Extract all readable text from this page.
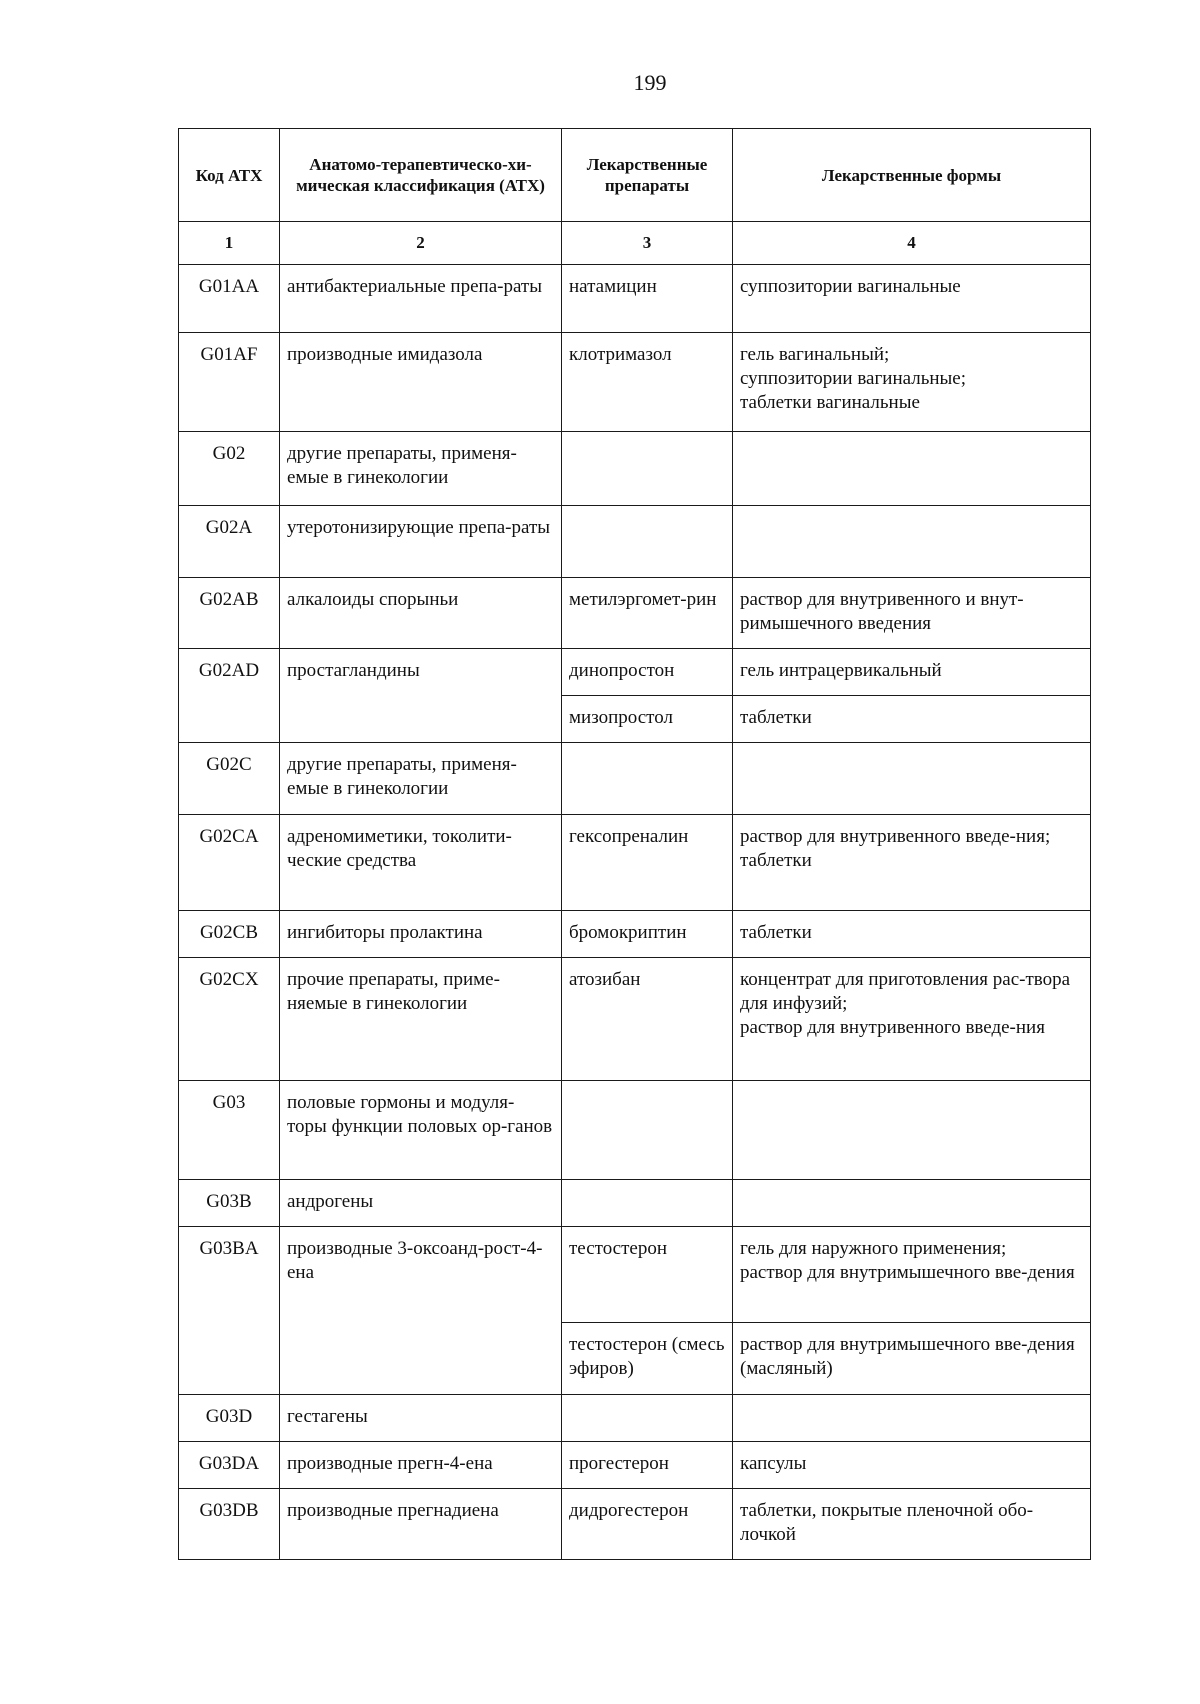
199
Код АТХ	Анатомо-терапевтическо-хи-мическая классификация (АТХ)	Лекарственные препараты	Лекарственные формы
1	2	3	4
G01AA	антибактериальные препа-раты	натамицин	суппозитории вагинальные
G01AF	производные имидазола	клотримазол	гель вагинальный;
суппозитории вагинальные;
таблетки вагинальные
G02	другие препараты, применя-емые в гинекологии		
G02A	утеротонизирующие препа-раты		
G02AB	алкалоиды спорыньи	метилэргомет-рин	раствор для внутривенного и внут-римышечного введения
G02AD	простагландины	динопростон	гель интрацервикальный
		мизопростол	таблетки
G02C	другие препараты, применя-емые в гинекологии		
G02CA	адреномиметики, токолити-ческие средства	гексопреналин	раствор для внутривенного введе-ния;
таблетки
G02CB	ингибиторы пролактина	бромокриптин	таблетки
G02CX	прочие препараты, приме-няемые в гинекологии	атозибан	концентрат для приготовления рас-твора для инфузий;
раствор для внутривенного введе-ния
G03	половые гормоны и модуля-торы функции половых ор-ганов		
G03B	андрогены		
G03BA	производные 3-оксоанд-рост-4-ена	тестостерон	гель для наружного применения;
раствор для внутримышечного вве-дения
		тестостерон (смесь эфиров)	раствор для внутримышечного вве-дения (масляный)
G03D	гестагены		
G03DA	производные прегн-4-ена	прогестерон	капсулы
G03DB	производные прегнадиена	дидрогестерон	таблетки, покрытые пленочной обо-лочкой
